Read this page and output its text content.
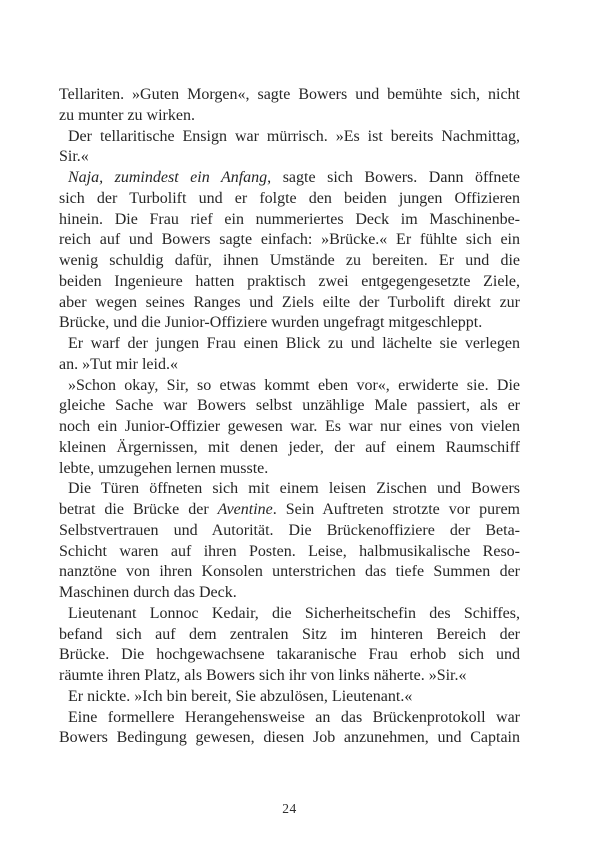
Tellariten. »Guten Morgen«, sagte Bowers und bemühte sich, nicht
zu munter zu wirken.
Der tellaritische Ensign war mürrisch. »Es ist bereits Nachmittag,
Sir.«
Naja, zumindest ein Anfang, sagte sich Bowers. Dann öffnete
sich der Turbolift und er folgte den beiden jungen Offizieren
hinein. Die Frau rief ein nummeriertes Deck im Maschinenbe-
reich auf und Bowers sagte einfach: »Brücke.« Er fühlte sich ein
wenig schuldig dafür, ihnen Umstände zu bereiten. Er und die
beiden Ingenieure hatten praktisch zwei entgegengesetzte Ziele,
aber wegen seines Ranges und Ziels eilte der Turbolift direkt zur
Brücke, und die Junior-Offiziere wurden ungefragt mitgeschleppt.
Er warf der jungen Frau einen Blick zu und lächelte sie verlegen
an. »Tut mir leid.«
»Schon okay, Sir, so etwas kommt eben vor«, erwiderte sie. Die
gleiche Sache war Bowers selbst unzählige Male passiert, als er
noch ein Junior-Offizier gewesen war. Es war nur eines von vielen
kleinen Ärgernissen, mit denen jeder, der auf einem Raumschiff
lebte, umzugehen lernen musste.
Die Türen öffneten sich mit einem leisen Zischen und Bowers
betrat die Brücke der Aventine. Sein Auftreten strotzte vor purem
Selbstvertrauen und Autorität. Die Brückenoffiziere der Beta-
Schicht waren auf ihren Posten. Leise, halbmusikalische Reso-
nanztöne von ihren Konsolen unterstrichen das tiefe Summen der
Maschinen durch das Deck.
Lieutenant Lonnoc Kedair, die Sicherheitschefin des Schiffes,
befand sich auf dem zentralen Sitz im hinteren Bereich der
Brücke. Die hochgewachsene takaranische Frau erhob sich und
räumte ihren Platz, als Bowers sich ihr von links näherte. »Sir.«
Er nickte. »Ich bin bereit, Sie abzulösen, Lieutenant.«
Eine formellere Herangehensweise an das Brückenprotokoll war
Bowers Bedingung gewesen, diesen Job anzunehmen, und Captain
24
